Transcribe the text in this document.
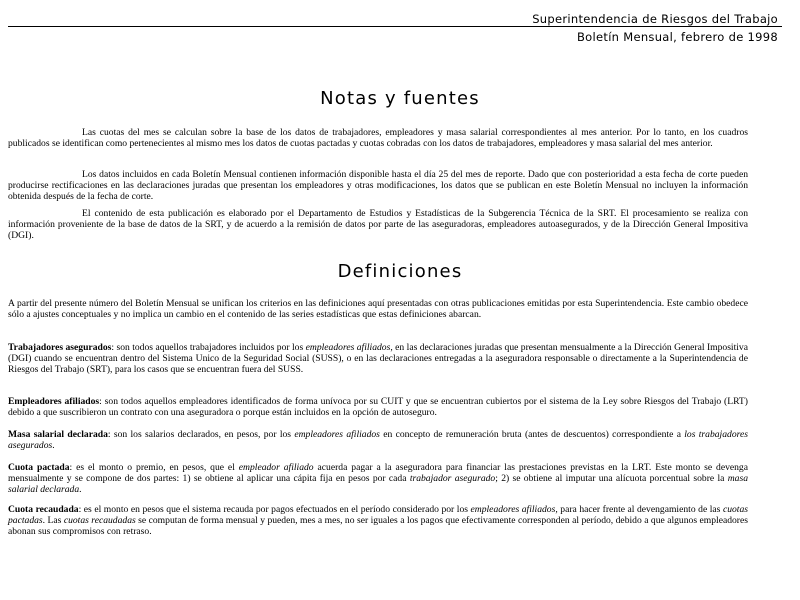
Superintendencia de Riesgos del Trabajo
Boletín Mensual, febrero de 1998
Notas y fuentes

Las cuotas del mes se calculan sobre la base de los datos de trabajadores, empleadores y masa salarial correspondientes al mes anterior. Por lo tanto, en los cuadros publicados se identifican como pertenecientes al mismo mes los datos de cuotas pactadas y cuotas cobradas con los datos de trabajadores, empleadores y masa salarial del mes anterior.

Los datos incluidos en cada Boletín Mensual contienen información disponible hasta el día 25 del mes de reporte. Dado que con posterioridad a esta fecha de corte pueden producirse rectificaciones en las declaraciones juradas que presentan los empleadores y otras modificaciones, los datos que se publican en este Boletín Mensual no incluyen la información obtenida después de la fecha de corte.

El contenido de esta publicación es elaborado por el Departamento de Estudios y Estadísticas de la Subgerencia Técnica de la SRT. El procesamiento se realiza con información proveniente de la base de datos de la SRT, y de acuerdo a la remisión de datos por parte de las aseguradoras, empleadores autoasegurados, y de la Dirección General Impositiva (DGI).

Definiciones

A partir del presente número del Boletín Mensual se unifican los criterios en las definiciones aquí presentadas con otras publicaciones emitidas por esta Superintendencia. Este cambio obedece sólo a ajustes conceptuales y no implica un cambio en el contenido de las series estadísticas que estas definiciones abarcan.

Trabajadores asegurados: son todos aquellos trabajadores incluidos por los empleadores afiliados, en las declaraciones juradas que presentan mensualmente a la Dirección General Impositiva (DGI) cuando se encuentran dentro del Sistema Unico de la Seguridad Social (SUSS), o en las declaraciones entregadas a la aseguradora responsable o directamente a la Superintendencia de Riesgos del Trabajo (SRT), para los casos que se encuentran fuera del SUSS.

Empleadores afiliados: son todos aquellos empleadores identificados de forma unívoca por su CUIT y que se encuentran cubiertos por el sistema de la Ley sobre Riesgos del Trabajo (LRT) debido a que suscribieron un contrato con una aseguradora o porque están incluidos en la opción de autoseguro.

Masa salarial declarada: son los salarios declarados, en pesos, por los empleadores afiliados en concepto de remuneración bruta (antes de descuentos) correspondiente a los trabajadores asegurados.

Cuota pactada: es el monto o premio, en pesos, que el empleador afiliado acuerda pagar a la aseguradora para financiar las prestaciones previstas en la LRT. Este monto se devenga mensualmente y se compone de dos partes: 1) se obtiene al aplicar una cápita fija en pesos por cada trabajador asegurado; 2) se obtiene al imputar una alícuota porcentual sobre la masa salarial declarada.

Cuota recaudada: es el monto en pesos que el sistema recauda por pagos efectuados en el período considerado por los empleadores afiliados, para hacer frente al devengamiento de las cuotas pactadas. Las cuotas recaudadas se computan de forma mensual y pueden, mes a mes, no ser iguales a los pagos que efectivamente corresponden al período, debido a que algunos empleadores abonan sus compromisos con retraso.
